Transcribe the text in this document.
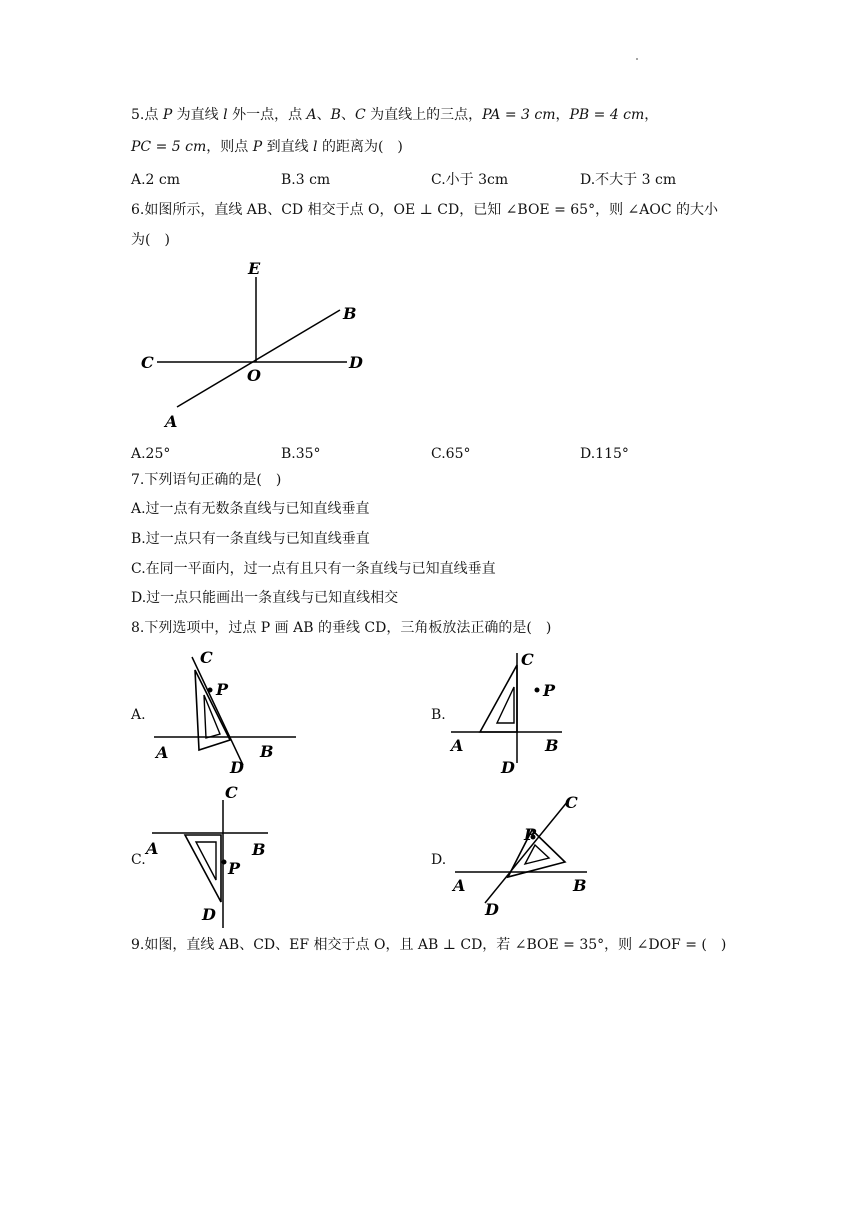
5.点 P 为直线 l 外一点，点 A、B、C 为直线上的三点，PA = 3 cm，PB = 4 cm，
PC = 5 cm，则点 P 到直线 l 的距离为(　)
A.2 cm	B.3 cm	C.小于 3cm	D.不大于 3 cm
6.如图所示，直线 AB、CD 相交于点 O，OE ⊥ CD，已知 ∠BOE = 65°，则 ∠AOC 的大小
为(　)
E
B
C
O
D
A
A.25°	B.35°	C.65°	D.115°
7.下列语句正确的是(　)
A.过一点有无数条直线与已知直线垂直
B.过一点只有一条直线与已知直线垂直
C.在同一平面内，过一点有且只有一条直线与已知直线垂直
D.过一点只能画出一条直线与已知直线相交
8.下列选项中，过点 P 画 AB 的垂线 CD，三角板放法正确的是(　)
A.
C
P
A	B
D
B.
C
P
A	B
D
C.
C
A	B
P
D
D.
C
P
A	B
D
9.如图，直线 AB、CD、EF 相交于点 O，且 AB ⊥ CD，若 ∠BOE = 35°，则 ∠DOF = (　)
